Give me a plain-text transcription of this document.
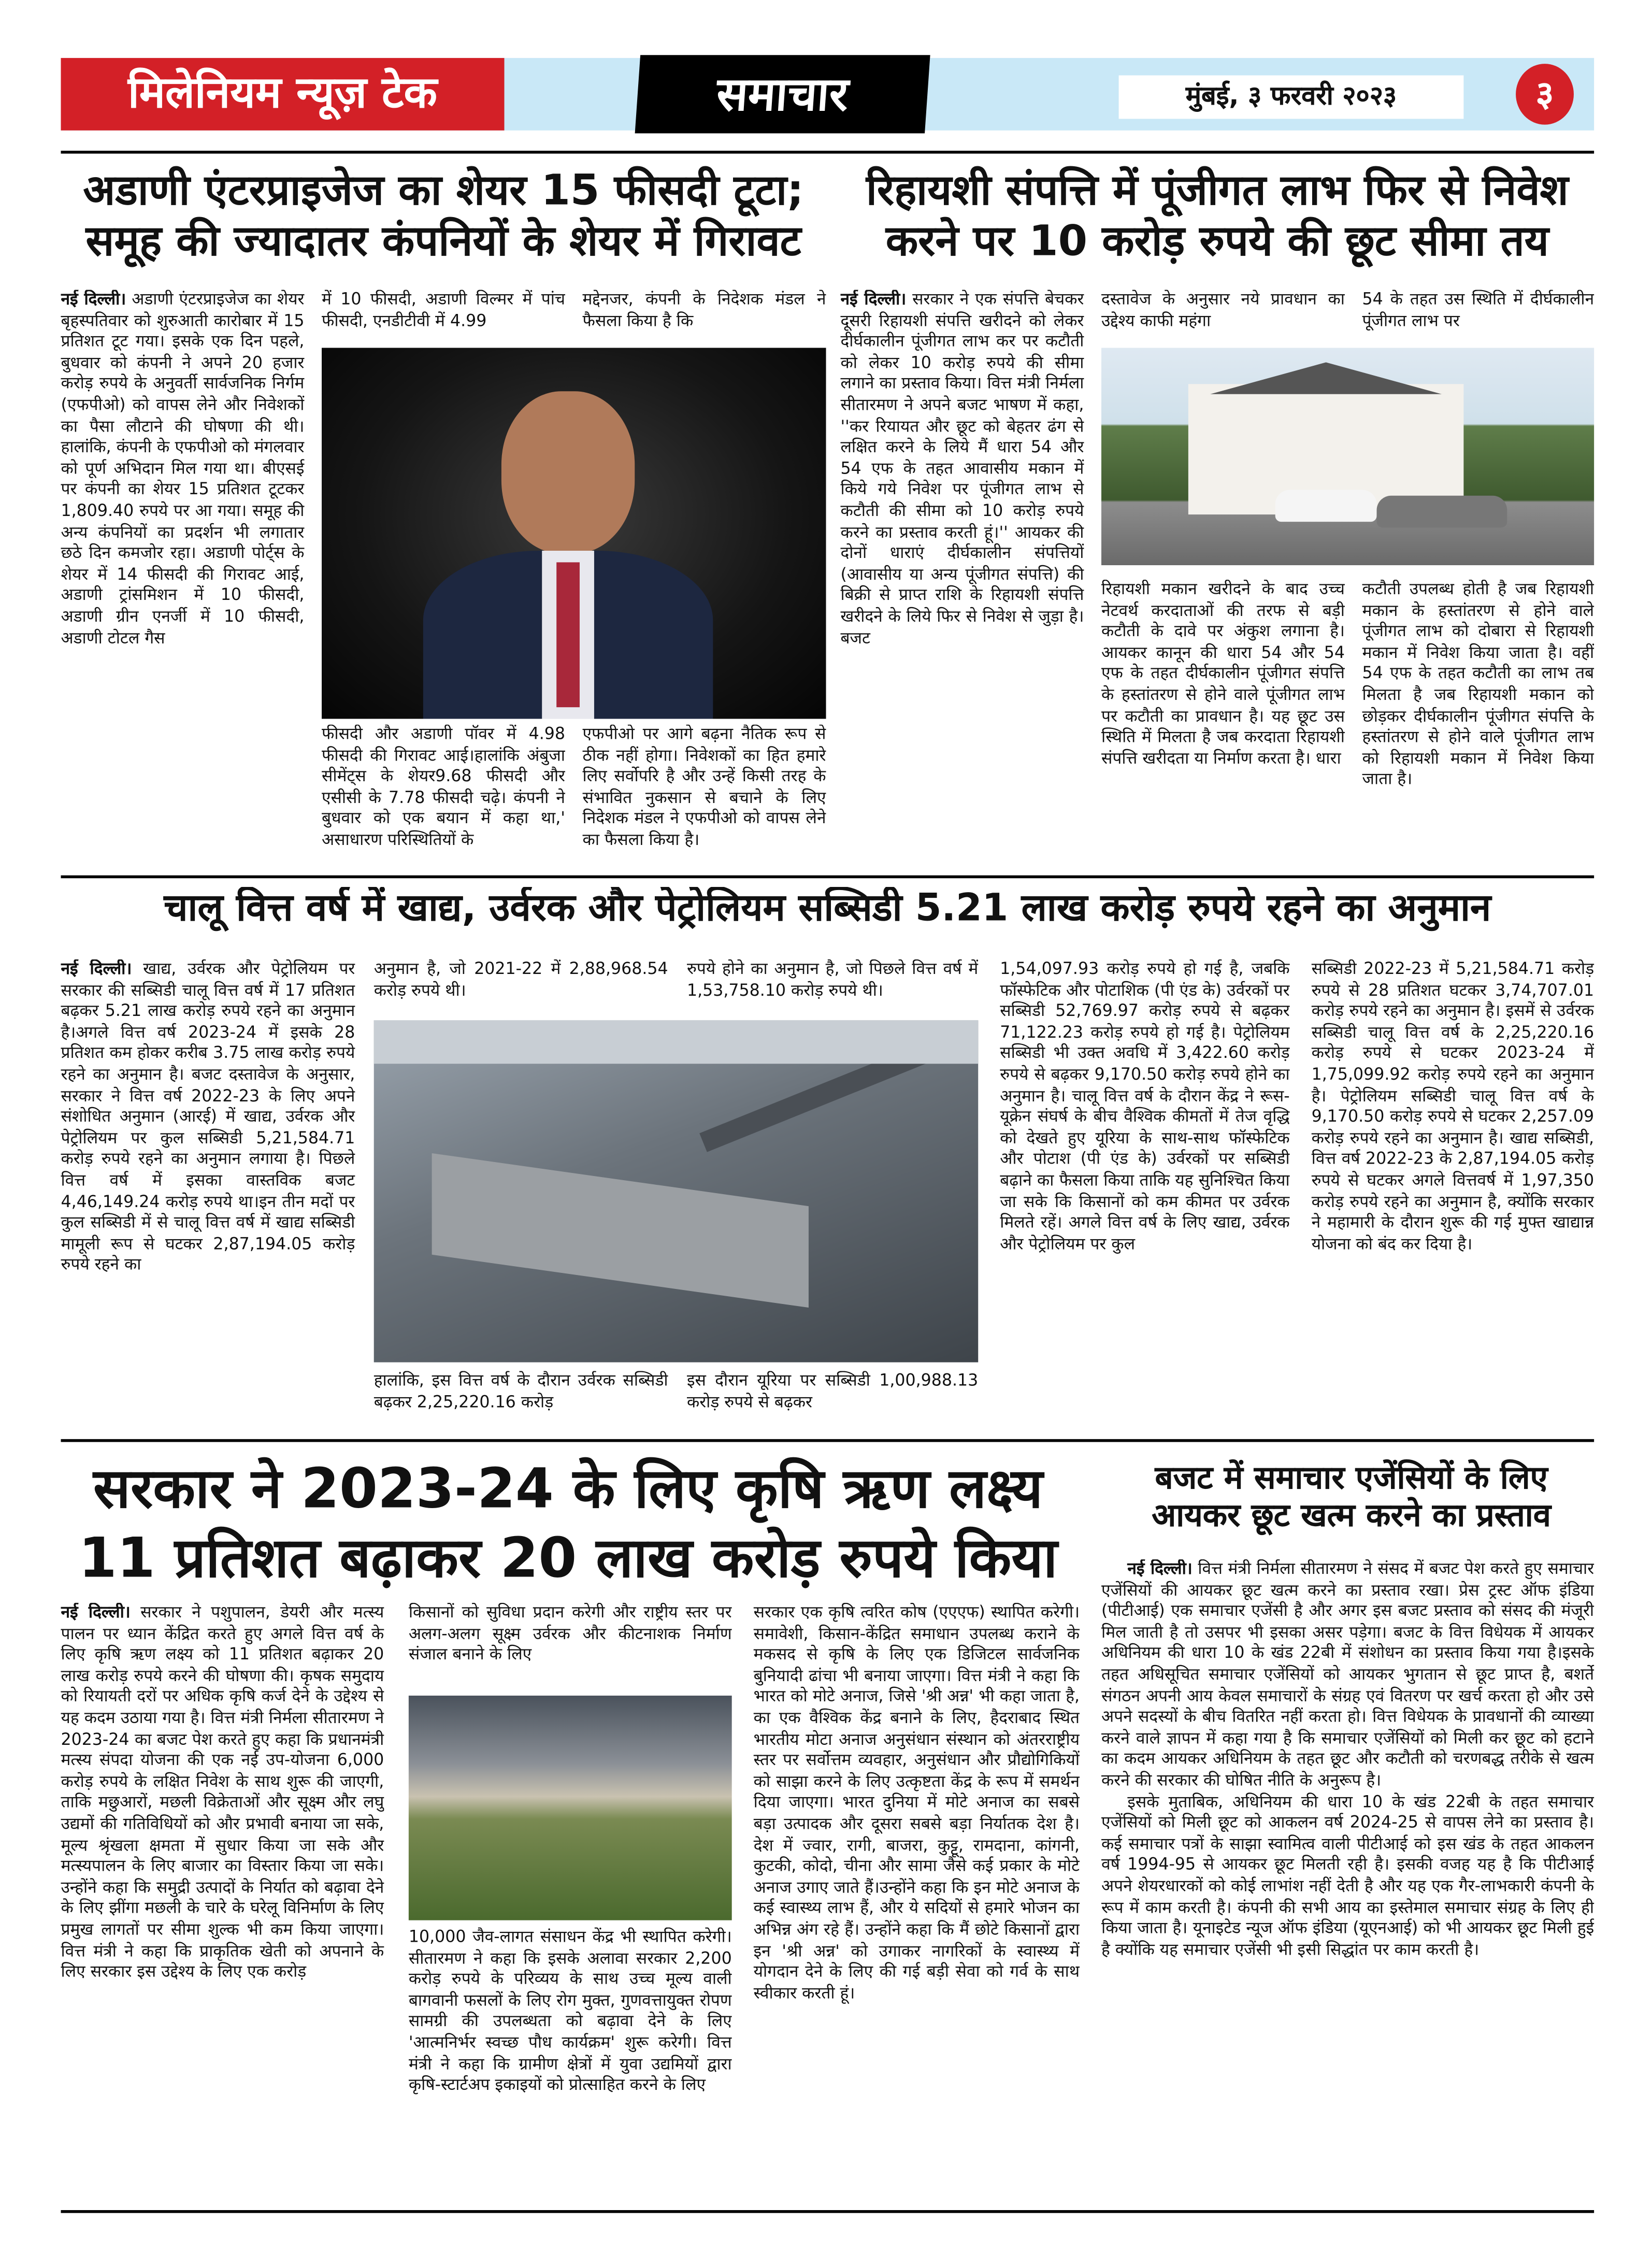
मिलेनियम न्यूज़ टेक	समाचार	मुंबई, ३ फरवरी २०२३	३
अडाणी एंटरप्राइजेज का शेयर 15 फीसदी टूटा; समूह की ज्यादातर कंपनियों के शेयर में गिरावट
नई दिल्ली। अडाणी एंटरप्राइजेज का शेयर बृहस्पतिवार को शुरुआती कारोबार में 15 प्रतिशत टूट गया। इसके एक दिन पहले, बुधवार को कंपनी ने अपने 20 हजार करोड़ रुपये के अनुवर्ती सार्वजनिक निर्गम (एफपीओ) को वापस लेने और निवेशकों का पैसा लौटाने की घोषणा की थी। हालांकि, कंपनी के एफपीओ को मंगलवार को पूर्ण अभिदान मिल गया था। बीएसई पर कंपनी का शेयर 15 प्रतिशत टूटकर 1,809.40 रुपये पर आ गया। समूह की अन्य कंपनियों का प्रदर्शन भी लगातार छठे दिन कमजोर रहा। अडाणी पोर्ट्स के शेयर में 14 फीसदी की गिरावट आई, अडाणी ट्रांसमिशन में 10 फीसदी, अडाणी ग्रीन एनर्जी में 10 फीसदी, अडाणी टोटल गैस
में 10 फीसदी, अडाणी विल्मर में पांच फीसदी, एनडीटीवी में 4.99
मद्देनजर, कंपनी के निदेशक मंडल ने फैसला किया है कि
फीसदी और अडाणी पॉवर में 4.98 फीसदी की गिरावट आई।हालांकि अंबुजा सीमेंट्स के शेयर9.68 फीसदी और एसीसी के 7.78 फीसदी चढ़े। कंपनी ने बुधवार को एक बयान में कहा था,' असाधारण परिस्थितियों के
एफपीओ पर आगे बढ़ना नैतिक रूप से ठीक नहीं होगा। निवेशकों का हित हमारे लिए सर्वोपरि है और उन्हें किसी तरह के संभावित नुकसान से बचाने के लिए निदेशक मंडल ने एफपीओ को वापस लेने का फैसला किया है।
रिहायशी संपत्ति में पूंजीगत लाभ फिर से निवेश करने पर 10 करोड़ रुपये की छूट सीमा तय
नई दिल्ली। सरकार ने एक संपत्ति बेचकर दूसरी रिहायशी संपत्ति खरीदने को लेकर दीर्घकालीन पूंजीगत लाभ कर पर कटौती को लेकर 10 करोड़ रुपये की सीमा लगाने का प्रस्ताव किया। वित्त मंत्री निर्मला सीतारमण ने अपने बजट भाषण में कहा, ''कर रियायत और छूट को बेहतर ढंग से लक्षित करने के लिये मैं धारा 54 और 54 एफ के तहत आवासीय मकान में किये गये निवेश पर पूंजीगत लाभ से कटौती की सीमा को 10 करोड़ रुपये करने का प्रस्ताव करती हूं।'' आयकर की दोनों धाराएं दीर्घकालीन संपत्तियों (आवासीय या अन्य पूंजीगत संपत्ति) की बिक्री से प्राप्त राशि के रिहायशी संपत्ति खरीदने के लिये फिर से निवेश से जुड़ा है। बजट
दस्तावेज के अनुसार नये प्रावधान का उद्देश्य काफी महंगा
54 के तहत उस स्थिति में दीर्घकालीन पूंजीगत लाभ पर
रिहायशी मकान खरीदने के बाद उच्च नेटवर्थ करदाताओं की तरफ से बड़ी कटौती के दावे पर अंकुश लगाना है। आयकर कानून की धारा 54 और 54 एफ के तहत दीर्घकालीन पूंजीगत संपत्ति के हस्तांतरण से होने वाले पूंजीगत लाभ पर कटौती का प्रावधान है। यह छूट उस स्थिति में मिलता है जब करदाता रिहायशी संपत्ति खरीदता या निर्माण करता है। धारा
कटौती उपलब्ध होती है जब रिहायशी मकान के हस्तांतरण से होने वाले पूंजीगत लाभ को दोबारा से रिहायशी मकान में निवेश किया जाता है। वहीं 54 एफ के तहत कटौती का लाभ तब मिलता है जब रिहायशी मकान को छोड़कर दीर्घकालीन पूंजीगत संपत्ति के हस्तांतरण से होने वाले पूंजीगत लाभ को रिहायशी मकान में निवेश किया जाता है।
चालू वित्त वर्ष में खाद्य, उर्वरक और पेट्रोलियम सब्सिडी 5.21 लाख करोड़ रुपये रहने का अनुमान
नई दिल्ली। खाद्य, उर्वरक और पेट्रोलियम पर सरकार की सब्सिडी चालू वित्त वर्ष में 17 प्रतिशत बढ़कर 5.21 लाख करोड़ रुपये रहने का अनुमान है।अगले वित्त वर्ष 2023-24 में इसके 28 प्रतिशत कम होकर करीब 3.75 लाख करोड़ रुपये रहने का अनुमान है। बजट दस्तावेज के अनुसार, सरकार ने वित्त वर्ष 2022-23 के लिए अपने संशोधित अनुमान (आरई) में खाद्य, उर्वरक और पेट्रोलियम पर कुल सब्सिडी 5,21,584.71 करोड़ रुपये रहने का अनुमान लगाया है। पिछले वित्त वर्ष में इसका वास्तविक बजट 4,46,149.24 करोड़ रुपये था।इन तीन मदों पर कुल सब्सिडी में से चालू वित्त वर्ष में खाद्य सब्सिडी मामूली रूप से घटकर 2,87,194.05 करोड़ रुपये रहने का
अनुमान है, जो 2021-22 में 2,88,968.54 करोड़ रुपये थी।
रुपये होने का अनुमान है, जो पिछले वित्त वर्ष में 1,53,758.10 करोड़ रुपये थी।
हालांकि, इस वित्त वर्ष के दौरान उर्वरक सब्सिडी बढ़कर 2,25,220.16 करोड़
इस दौरान यूरिया पर सब्सिडी 1,00,988.13 करोड़ रुपये से बढ़कर
1,54,097.93 करोड़ रुपये हो गई है, जबकि फॉस्फेटिक और पोटाशिक (पी एंड के) उर्वरकों पर सब्सिडी 52,769.97 करोड़ रुपये से बढ़कर 71,122.23 करोड़ रुपये हो गई है। पेट्रोलियम सब्सिडी भी उक्त अवधि में 3,422.60 करोड़ रुपये से बढ़कर 9,170.50 करोड़ रुपये होने का अनुमान है। चालू वित्त वर्ष के दौरान केंद्र ने रूस-यूक्रेन संघर्ष के बीच वैश्विक कीमतों में तेज वृद्धि को देखते हुए यूरिया के साथ-साथ फॉस्फेटिक और पोटाश (पी एंड के) उर्वरकों पर सब्सिडी बढ़ाने का फैसला किया ताकि यह सुनिश्चित किया जा सके कि किसानों को कम कीमत पर उर्वरक मिलते रहें। अगले वित्त वर्ष के लिए खाद्य, उर्वरक और पेट्रोलियम पर कुल
सब्सिडी 2022-23 में 5,21,584.71 करोड़ रुपये से 28 प्रतिशत घटकर 3,74,707.01 करोड़ रुपये रहने का अनुमान है। इसमें से उर्वरक सब्सिडी चालू वित्त वर्ष के 2,25,220.16 करोड़ रुपये से घटकर 2023-24 में 1,75,099.92 करोड़ रुपये रहने का अनुमान है। पेट्रोलियम सब्सिडी चालू वित्त वर्ष के 9,170.50 करोड़ रुपये से घटकर 2,257.09 करोड़ रुपये रहने का अनुमान है। खाद्य सब्सिडी, वित्त वर्ष 2022-23 के 2,87,194.05 करोड़ रुपये से घटकर अगले वित्तवर्ष में 1,97,350 करोड़ रुपये रहने का अनुमान है, क्योंकि सरकार ने महामारी के दौरान शुरू की गई मुफ्त खाद्यान्न योजना को बंद कर दिया है।
सरकार ने 2023-24 के लिए कृषि ऋण लक्ष्य 11 प्रतिशत बढ़ाकर 20 लाख करोड़ रुपये किया
नई दिल्ली। सरकार ने पशुपालन, डेयरी और मत्स्य पालन पर ध्यान केंद्रित करते हुए अगले वित्त वर्ष के लिए कृषि ऋण लक्ष्य को 11 प्रतिशत बढ़ाकर 20 लाख करोड़ रुपये करने की घोषणा की। कृषक समुदाय को रियायती दरों पर अधिक कृषि कर्ज देने के उद्देश्य से यह कदम उठाया गया है। वित्त मंत्री निर्मला सीतारमण ने 2023-24 का बजट पेश करते हुए कहा कि प्रधानमंत्री मत्स्य संपदा योजना की एक नई उप-योजना 6,000 करोड़ रुपये के लक्षित निवेश के साथ शुरू की जाएगी, ताकि मछुआरों, मछली विक्रेताओं और सूक्ष्म और लघु उद्यमों की गतिविधियों को और प्रभावी बनाया जा सके, मूल्य श्रृंखला क्षमता में सुधार किया जा सके और मत्स्यपालन के लिए बाजार का विस्तार किया जा सके।उन्होंने कहा कि समुद्री उत्पादों के निर्यात को बढ़ावा देने के लिए झींगा मछली के चारे के घरेलू विनिर्माण के लिए प्रमुख लागतों पर सीमा शुल्क भी कम किया जाएगा। वित्त मंत्री ने कहा कि प्राकृतिक खेती को अपनाने के लिए सरकार इस उद्देश्य के लिए एक करोड़
किसानों को सुविधा प्रदान करेगी और राष्ट्रीय स्तर पर अलग-अलग सूक्ष्म उर्वरक और कीटनाशक निर्माण संजाल बनाने के लिए
10,000 जैव-लागत संसाधन केंद्र भी स्थापित करेगी। सीतारमण ने कहा कि इसके अलावा सरकार 2,200 करोड़ रुपये के परिव्यय के साथ उच्च मूल्य वाली बागवानी फसलों के लिए रोग मुक्त, गुणवत्तायुक्त रोपण सामग्री की उपलब्धता को बढ़ावा देने के लिए 'आत्मनिर्भर स्वच्छ पौध कार्यक्रम' शुरू करेगी। वित्त मंत्री ने कहा कि ग्रामीण क्षेत्रों में युवा उद्यमियों द्वारा कृषि-स्टार्टअप इकाइयों को प्रोत्साहित करने के लिए
सरकार एक कृषि त्वरित कोष (एएएफ) स्थापित करेगी।समावेशी, किसान-केंद्रित समाधान उपलब्ध कराने के मकसद से कृषि के लिए एक डिजिटल सार्वजनिक बुनियादी ढांचा भी बनाया जाएगा। वित्त मंत्री ने कहा कि भारत को मोटे अनाज, जिसे 'श्री अन्न' भी कहा जाता है, का एक वैश्विक केंद्र बनाने के लिए, हैदराबाद स्थित भारतीय मोटा अनाज अनुसंधान संस्थान को अंतरराष्ट्रीय स्तर पर सर्वोत्तम व्यवहार, अनुसंधान और प्रौद्योगिकियों को साझा करने के लिए उत्कृष्टता केंद्र के रूप में समर्थन दिया जाएगा। भारत दुनिया में मोटे अनाज का सबसे बड़ा उत्पादक और दूसरा सबसे बड़ा निर्यातक देश है। देश में ज्वार, रागी, बाजरा, कुट्टू, रामदाना, कांगनी, कुटकी, कोदो, चीना और सामा जैसे कई प्रकार के मोटे अनाज उगाए जाते हैं।उन्होंने कहा कि इन मोटे अनाज के कई स्वास्थ्य लाभ हैं, और ये सदियों से हमारे भोजन का अभिन्न अंग रहे हैं। उन्होंने कहा कि मैं छोटे किसानों द्वारा इन 'श्री अन्न' को उगाकर नागरिकों के स्वास्थ्य में योगदान देने के लिए की गई बड़ी सेवा को गर्व के साथ स्वीकार करती हूं।
बजट में समाचार एजेंसियों के लिए आयकर छूट खत्म करने का प्रस्ताव
नई दिल्ली। वित्त मंत्री निर्मला सीतारमण ने संसद में बजट पेश करते हुए समाचार एजेंसियों की आयकर छूट खत्म करने का प्रस्ताव रखा। प्रेस ट्रस्ट ऑफ इंडिया (पीटीआई) एक समाचार एजेंसी है और अगर इस बजट प्रस्ताव को संसद की मंजूरी मिल जाती है तो उसपर भी इसका असर पड़ेगा। बजट के वित्त विधेयक में आयकर अधिनियम की धारा 10 के खंड 22बी में संशोधन का प्रस्ताव किया गया है।इसके तहत अधिसूचित समाचार एजेंसियों को आयकर भुगतान से छूट प्राप्त है, बशर्ते संगठन अपनी आय केवल समाचारों के संग्रह एवं वितरण पर खर्च करता हो और उसे अपने सदस्यों के बीच वितरित नहीं करता हो। वित्त विधेयक के प्रावधानों की व्याख्या करने वाले ज्ञापन में कहा गया है कि समाचार एजेंसियों को मिली कर छूट को हटाने का कदम आयकर अधिनियम के तहत छूट और कटौती को चरणबद्ध तरीके से खत्म करने की सरकार की घोषित नीति के अनुरूप है।
इसके मुताबिक, अधिनियम की धारा 10 के खंड 22बी के तहत समाचार एजेंसियों को मिली छूट को आकलन वर्ष 2024-25 से वापस लेने का प्रस्ताव है। कई समाचार पत्रों के साझा स्वामित्व वाली पीटीआई को इस खंड के तहत आकलन वर्ष 1994-95 से आयकर छूट मिलती रही है। इसकी वजह यह है कि पीटीआई अपने शेयरधारकों को कोई लाभांश नहीं देती है और यह एक गैर-लाभकारी कंपनी के रूप में काम करती है। कंपनी की सभी आय का इस्तेमाल समाचार संग्रह के लिए ही किया जाता है। यूनाइटेड न्यूज ऑफ इंडिया (यूएनआई) को भी आयकर छूट मिली हुई है क्योंकि यह समाचार एजेंसी भी इसी सिद्धांत पर काम करती है।
